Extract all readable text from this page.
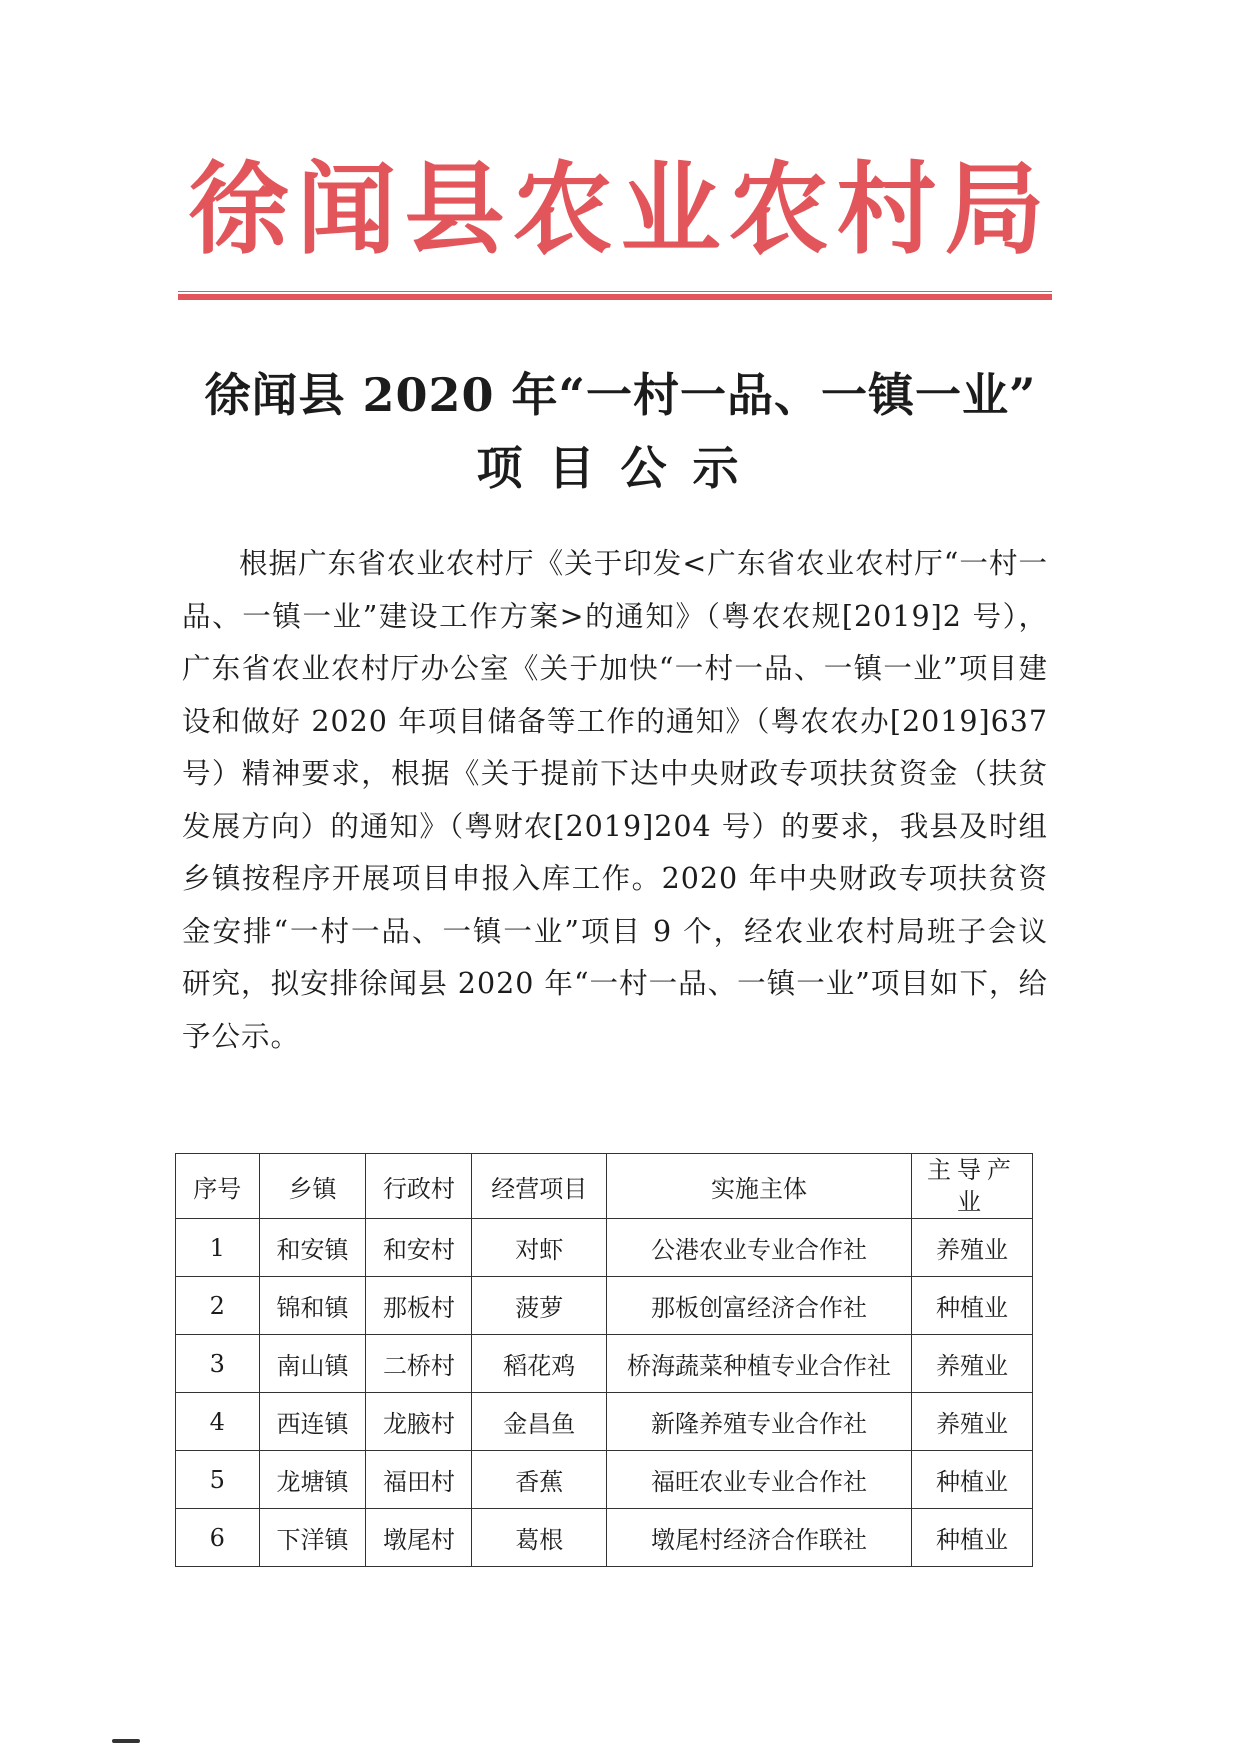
徐闻县农业农村局
徐闻县 2020 年“一村一品、一镇一业”
项目公示

根据广东省农业农村厅《关于印发<广东省农业农村厅“一村一品、一镇一业”建设工作方案>的通知》（粤农农规[2019]2 号），广东省农业农村厅办公室《关于加快“一村一品、一镇一业”项目建设和做好 2020 年项目储备等工作的通知》（粤农农办[2019]637 号）精神要求，根据《关于提前下达中央财政专项扶贫资金（扶贫发展方向）的通知》（粤财农[2019]204 号）的要求，我县及时组乡镇按程序开展项目申报入库工作。2020 年中央财政专项扶贫资金安排“一村一品、一镇一业”项目 9 个，经农业农村局班子会议研究，拟安排徐闻县 2020 年“一村一品、一镇一业”项目如下，给予公示。

序号	乡镇	行政村	经营项目	实施主体	主导产业
1	和安镇	和安村	对虾	公港农业专业合作社	养殖业
2	锦和镇	那板村	菠萝	那板创富经济合作社	种植业
3	南山镇	二桥村	稻花鸡	桥海蔬菜种植专业合作社	养殖业
4	西连镇	龙腋村	金昌鱼	新隆养殖专业合作社	养殖业
5	龙塘镇	福田村	香蕉	福旺农业专业合作社	种植业
6	下洋镇	墩尾村	葛根	墩尾村经济合作联社	种植业
